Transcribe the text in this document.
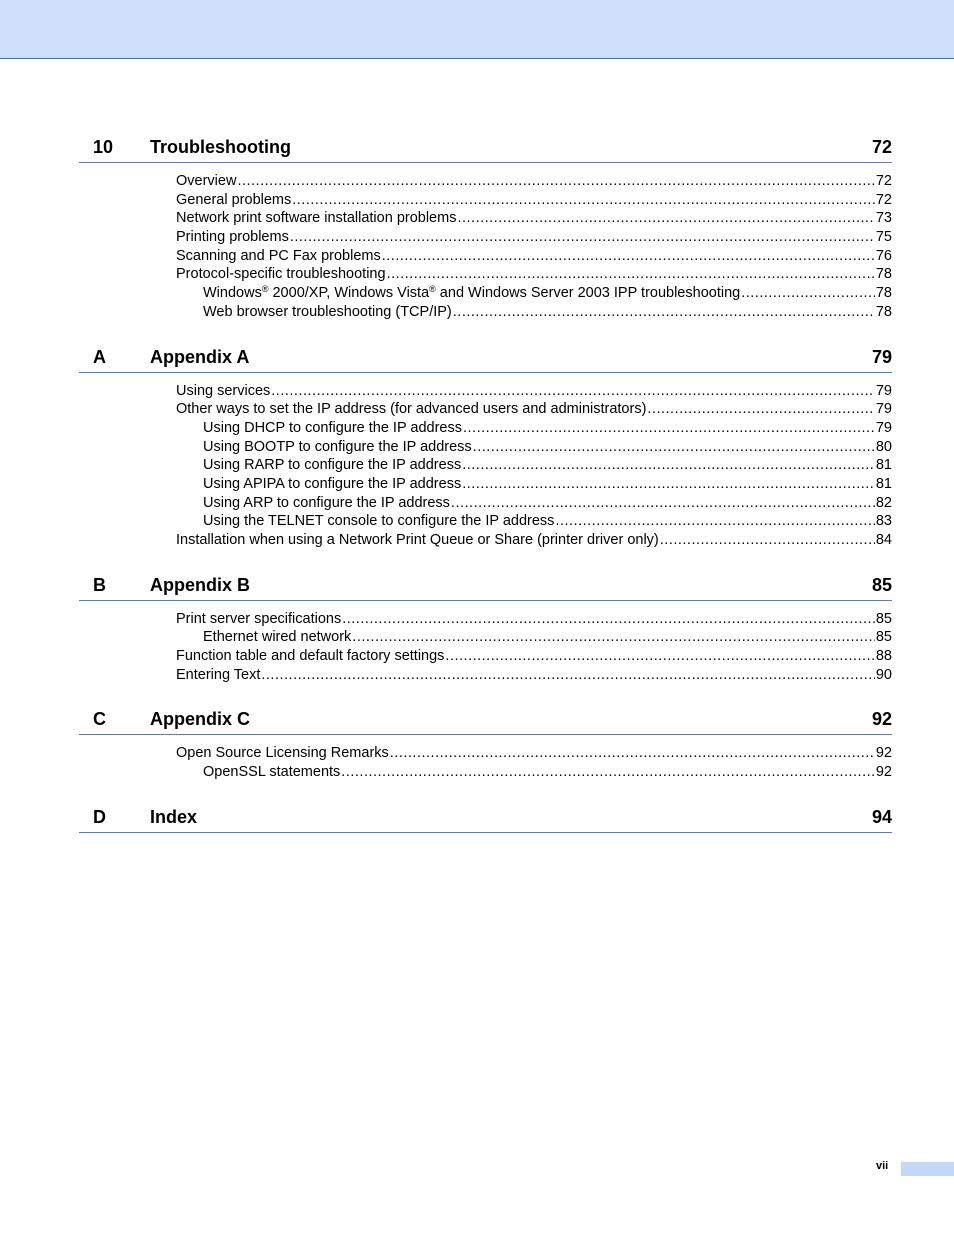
10	Troubleshooting	72
Overview .....	72
General problems .....	72
Network print software installation problems .....	73
Printing problems .....	75
Scanning and PC Fax problems .....	76
Protocol-specific troubleshooting .....	78
Windows® 2000/XP, Windows Vista® and Windows Server 2003 IPP troubleshooting .....	78
Web browser troubleshooting (TCP/IP) .....	78
A	Appendix A	79
Using services .....	79
Other ways to set the IP address (for advanced users and administrators) .....	79
Using DHCP to configure the IP address .....	79
Using BOOTP to configure the IP address .....	80
Using RARP to configure the IP address .....	81
Using APIPA to configure the IP address .....	81
Using ARP to configure the IP address .....	82
Using the TELNET console to configure the IP address .....	83
Installation when using a Network Print Queue or Share (printer driver only) .....	84
B	Appendix B	85
Print server specifications .....	85
Ethernet wired network .....	85
Function table and default factory settings .....	88
Entering Text .....	90
C	Appendix C	92
Open Source Licensing Remarks .....	92
OpenSSL statements .....	92
D	Index	94
vii
